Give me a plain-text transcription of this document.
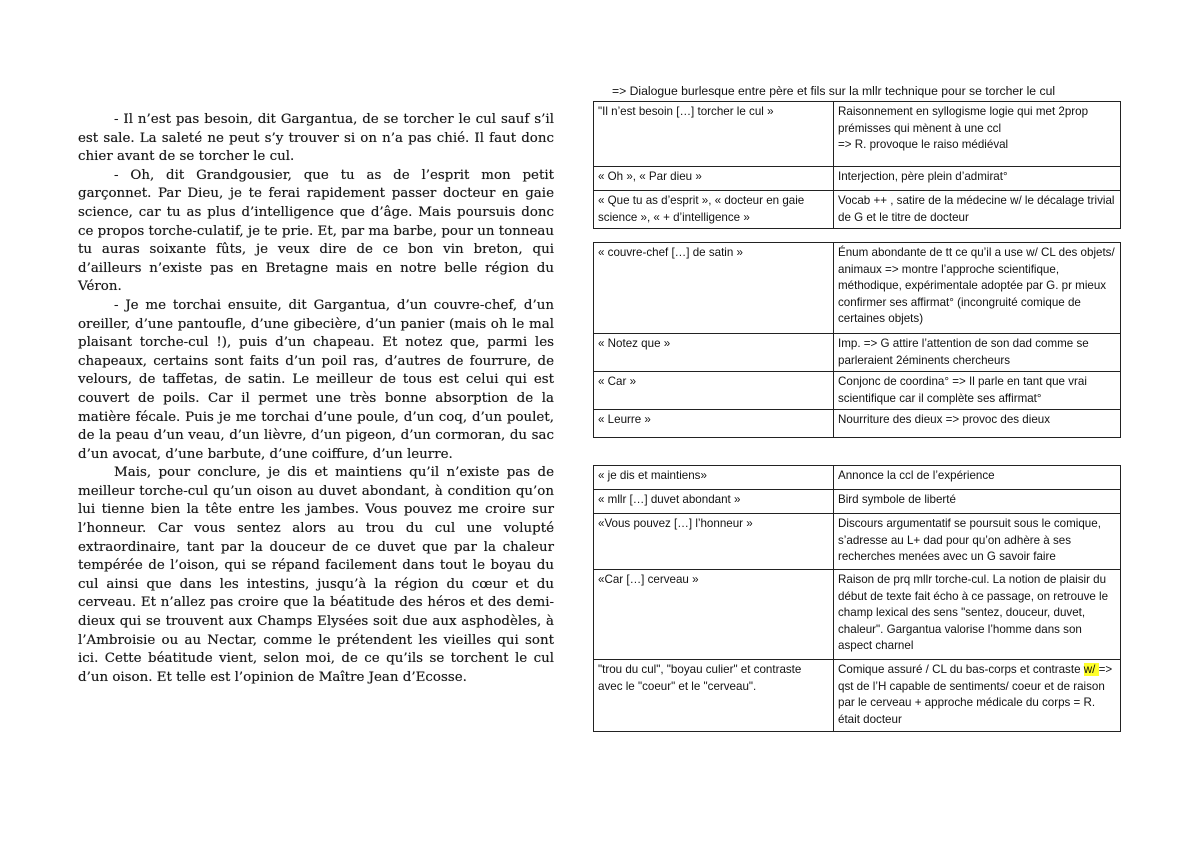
- Il n’est pas besoin, dit Gargantua, de se torcher le cul sauf s’il est sale. La saleté ne peut s’y trouver si on n’a pas chié. Il faut donc chier avant de se torcher le cul.

- Oh, dit Grandgousier, que tu as de l’esprit mon petit garçonnet. Par Dieu, je te ferai rapidement passer docteur en gaie science, car tu as plus d’intelligence que d’âge. Mais poursuis donc ce propos torche-culatif, je te prie. Et, par ma barbe, pour un tonneau tu auras soixante fûts, je veux dire de ce bon vin breton, qui d’ailleurs n’existe pas en Bretagne mais en notre belle région du Véron.

- Je me torchai ensuite, dit Gargantua, d’un couvre-chef, d’un oreiller, d’une pantoufle, d’une gibecière, d’un panier (mais oh le mal plaisant torche-cul !), puis d’un chapeau. Et notez que, parmi les chapeaux, certains sont faits d’un poil ras, d’autres de fourrure, de velours, de taffetas, de satin. Le meilleur de tous est celui qui est couvert de poils. Car il permet une très bonne absorption de la matière fécale. Puis je me torchai d’une poule, d’un coq, d’un poulet, de la peau d’un veau, d’un lièvre, d’un pigeon, d’un cormoran, du sac d’un avocat, d’une barbute, d’une coiffure, d’un leurre.

Mais, pour conclure, je dis et maintiens qu’il n’existe pas de meilleur torche-cul qu’un oison au duvet abondant, à condition qu’on lui tienne bien la tête entre les jambes. Vous pouvez me croire sur l’honneur. Car vous sentez alors au trou du cul une volupté extraordinaire, tant par la douceur de ce duvet que par la chaleur tempérée de l’oison, qui se répand facilement dans tout le boyau du cul ainsi que dans les intestins, jusqu’à la région du cœur et du cerveau. Et n’allez pas croire que la béatitude des héros et des demi-dieux qui se trouvent aux Champs Elysées soit due aux asphodèles, à l’Ambroisie ou au Nectar, comme le prétendent les vieilles qui sont ici. Cette béatitude vient, selon moi, de ce qu’ils se torchent le cul d’un oison. Et telle est l’opinion de Maître Jean d’Ecosse.

=> Dialogue burlesque entre père et fils sur la mllr technique pour se torcher le cul
"Il n’est besoin […] torcher le cul »	Raisonnement en syllogisme logie qui met 2prop prémisses qui mènent à une ccl
=> R. provoque le raiso médiéval
« Oh », « Par dieu »	Interjection, père plein d’admirat°
« Que tu as d’esprit », « docteur en gaie science », « + d’intelligence »	Vocab ++ , satire de la médecine w/ le décalage trivial de G et le titre de docteur
« couvre-chef […] de satin »	Énum abondante de tt ce qu’il a use w/ CL des objets/ animaux => montre l’approche scientifique, méthodique, expérimentale adoptée par G. pr mieux confirmer ses affirmat° (incongruité comique de certaines objets)
« Notez que »	Imp. => G attire l’attention de son dad comme se parleraient 2éminents chercheurs
« Car »	Conjonc de coordina° => Il parle en tant que vrai scientifique car il complète ses affirmat°
« Leurre »	Nourriture des dieux => provoc des dieux
« je dis et maintiens»	Annonce la ccl de l’expérience
« mllr […] duvet abondant »	Bird symbole de liberté
«Vous pouvez […] l’honneur »	Discours argumentatif se poursuit sous le comique, s’adresse au L+ dad pour qu’on adhère à ses recherches menées avec un G savoir faire
«Car […] cerveau »	Raison de prq mllr torche-cul. La notion de plaisir du début de texte fait écho à ce passage, on retrouve le champ lexical des sens "sentez, douceur, duvet, chaleur". Gargantua valorise l’homme dans son aspect charnel
"trou du cul", "boyau culier" et contraste avec le "coeur" et le "cerveau".	Comique assuré / CL du bas-corps et contraste w/ => qst de l’H capable de sentiments/ coeur et de raison par le cerveau + approche médicale du corps = R. était docteur
